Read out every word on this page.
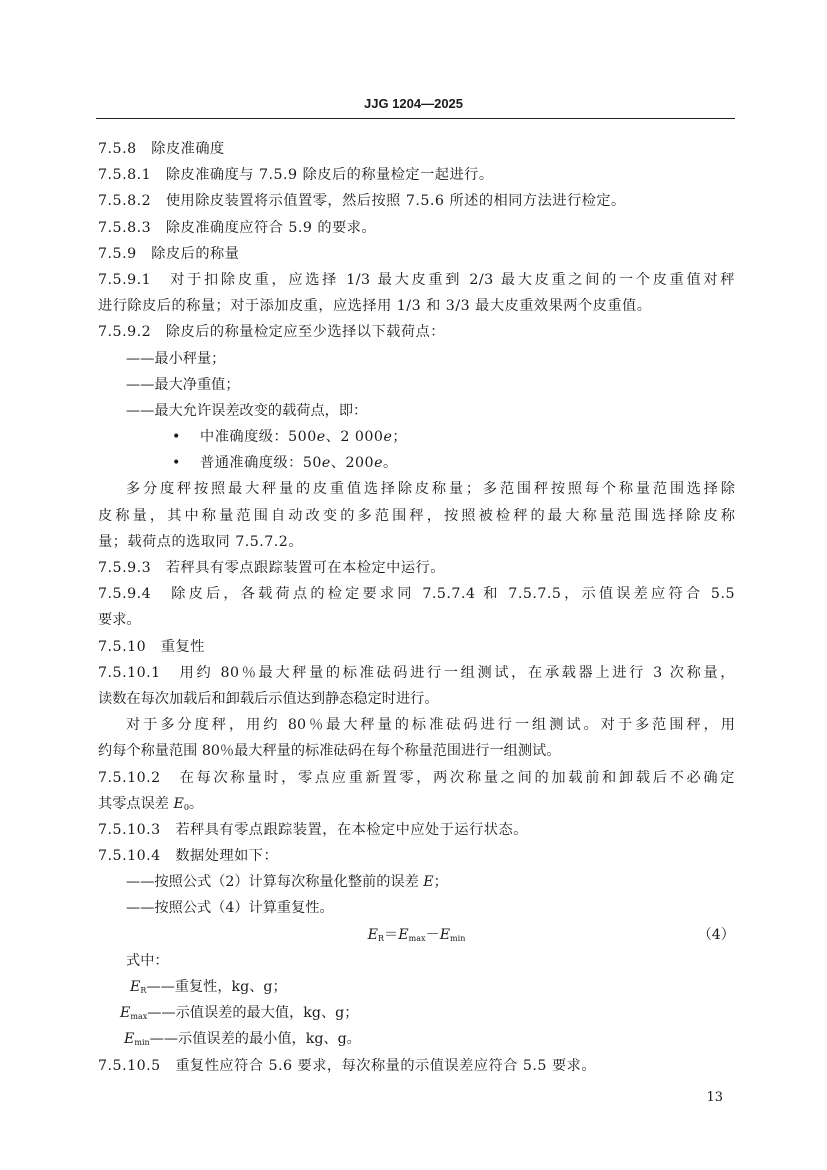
JJG 1204—2025
7.5.8　除皮准确度
7.5.8.1　除皮准确度与 7.5.9 除皮后的称量检定一起进行。
7.5.8.2　使用除皮装置将示值置零，然后按照 7.5.6 所述的相同方法进行检定。
7.5.8.3　除皮准确度应符合 5.9 的要求。
7.5.9　除皮后的称量
7.5.9.1　对于扣除皮重，应选择 1/3 最大皮重到 2/3 最大皮重之间的一个皮重值对秤
进行除皮后的称量；对于添加皮重，应选择用 1/3 和 3/3 最大皮重效果两个皮重值。
7.5.9.2　除皮后的称量检定应至少选择以下载荷点：
——最小秤量；
——最大净重值；
——最大允许误差改变的载荷点，即：
• 中准确度级：500e、2 000e；
• 普通准确度级：50e、200e。
多分度秤按照最大秤量的皮重值选择除皮称量；多范围秤按照每个称量范围选择除
皮称量，其中称量范围自动改变的多范围秤，按照被检秤的最大称量范围选择除皮称
量；载荷点的选取同 7.5.7.2。
7.5.9.3　若秤具有零点跟踪装置可在本检定中运行。
7.5.9.4　除皮后，各载荷点的检定要求同 7.5.7.4 和 7.5.7.5，示值误差应符合 5.5
要求。
7.5.10　重复性
7.5.10.1　用约 80％最大秤量的标准砝码进行一组测试，在承载器上进行 3 次称量，
读数在每次加载后和卸载后示值达到静态稳定时进行。
对于多分度秤，用约 80％最大秤量的标准砝码进行一组测试。对于多范围秤，用
约每个称量范围 80％最大秤量的标准砝码在每个称量范围进行一组测试。
7.5.10.2　在每次称量时，零点应重新置零，两次称量之间的加载前和卸载后不必确定
其零点误差 $E_0$。
7.5.10.3　若秤具有零点跟踪装置，在本检定中应处于运行状态。
7.5.10.4　数据处理如下：
——按照公式（2）计算每次称量化整前的误差 E；
——按照公式（4）计算重复性。
$E_R=E_{max}-E_{min}$	（4）
式中：
$E_R——$重复性，kg、g；
$E_{max}——$示值误差的最大值，kg、g；
$E_{min}——$示值误差的最小值，kg、g。
7.5.10.5　重复性应符合 5.6 要求，每次称量的示值误差应符合 5.5 要求。
13
